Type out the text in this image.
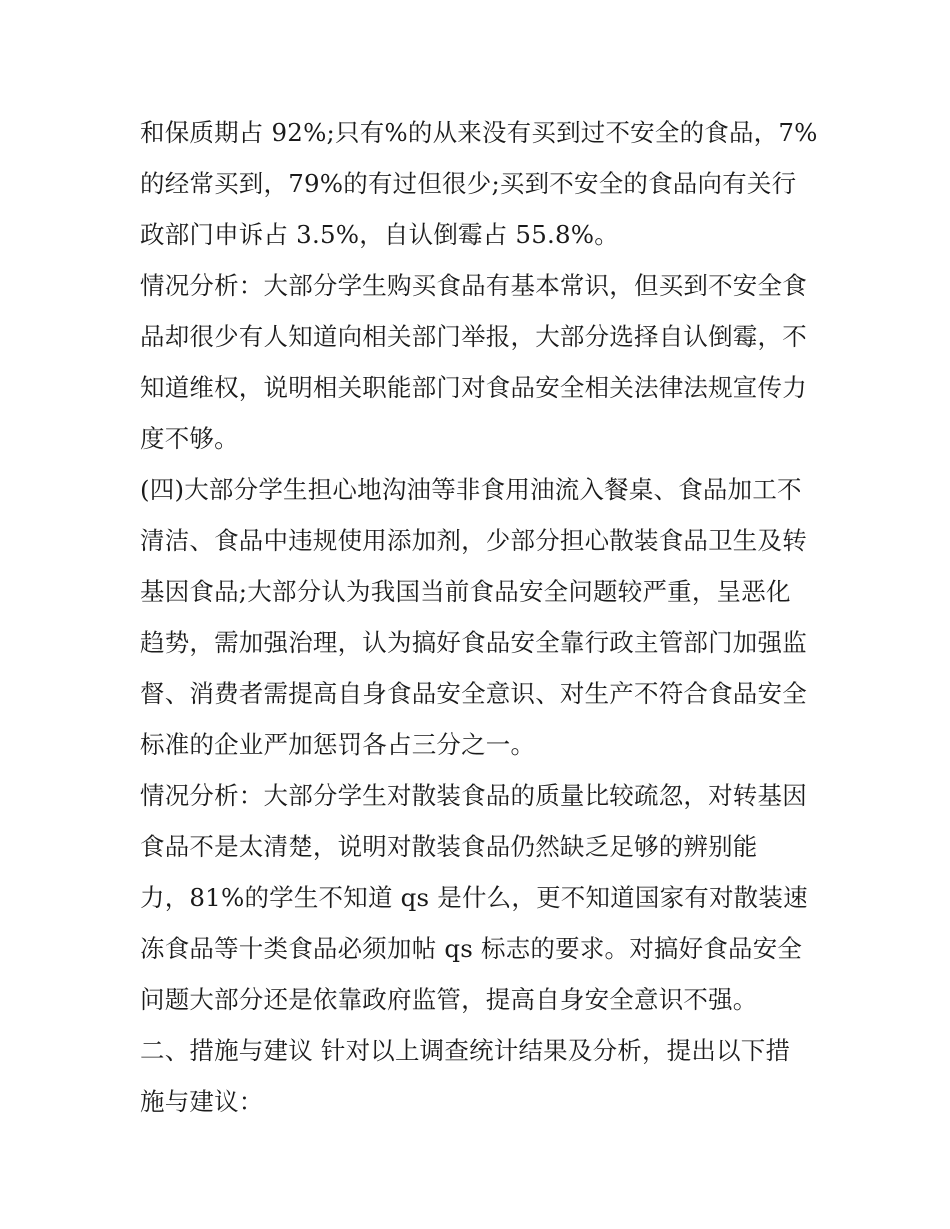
和保质期占 92%;只有%的从来没有买到过不安全的食品，7%
的经常买到，79%的有过但很少;买到不安全的食品向有关行
政部门申诉占 3.5%，自认倒霉占 55.8%。
情况分析：大部分学生购买食品有基本常识，但买到不安全食
品却很少有人知道向相关部门举报，大部分选择自认倒霉，不
知道维权，说明相关职能部门对食品安全相关法律法规宣传力
度不够。
(四)大部分学生担心地沟油等非食用油流入餐桌、食品加工不
清洁、食品中违规使用添加剂，少部分担心散装食品卫生及转
基因食品;大部分认为我国当前食品安全问题较严重，呈恶化
趋势，需加强治理，认为搞好食品安全靠行政主管部门加强监
督、消费者需提高自身食品安全意识、对生产不符合食品安全
标准的企业严加惩罚各占三分之一。
情况分析：大部分学生对散装食品的质量比较疏忽，对转基因
食品不是太清楚，说明对散装食品仍然缺乏足够的辨别能
力，81%的学生不知道 qs 是什么，更不知道国家有对散装速
冻食品等十类食品必须加帖 qs 标志的要求。对搞好食品安全
问题大部分还是依靠政府监管，提高自身安全意识不强。
二、措施与建议 针对以上调查统计结果及分析，提出以下措
施与建议：
